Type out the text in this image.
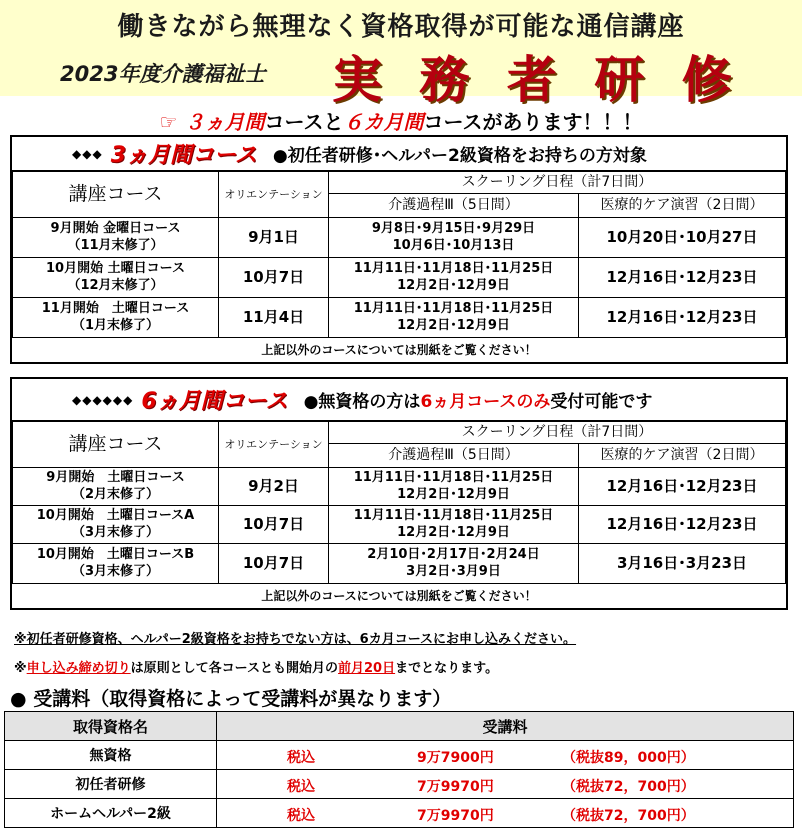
働きながら無理なく資格取得が可能な通信講座
2023年度介護福祉士 実 務 者 研 修
☞ ３ヵ月間コースと６カ月間コースがあります！！！
◆◆◆ 3ヵ月間コース ●初任者研修･ヘルパー2級資格をお持ちの方対象
講座コース	オリエンテーション	スクーリング日程（計7日間）	
		介護過程Ⅲ（5日間）	医療的ケア演習（2日間）
9月開始 金曜日コース
（11月末修了）	9月1日	9月8日･9月15日･9月29日
10月6日･10月13日	10月20日･10月27日
10月開始 土曜日コース
（12月末修了）	10月7日	11月11日･11月18日･11月25日
12月2日･12月9日	12月16日･12月23日
11月開始　土曜日コース
（1月末修了）	11月4日	11月11日･11月18日･11月25日
12月2日･12月9日	12月16日･12月23日
上記以外のコースについては別紙をご覧ください！
◆◆◆◆◆◆ 6ヵ月間コース ●無資格の方は6ヵ月コースのみ受付可能です
講座コース	オリエンテーション	スクーリング日程（計7日間）	
		介護過程Ⅲ（5日間）	医療的ケア演習（2日間）
9月開始　土曜日コース
（2月末修了）	9月2日	11月11日･11月18日･11月25日
12月2日･12月9日	12月16日･12月23日
10月開始　土曜日コースA
（3月末修了）	10月7日	11月11日･11月18日･11月25日
12月2日･12月9日	12月16日･12月23日
10月開始　土曜日コースB
（3月末修了）	10月7日	2月10日･2月17日･2月24日
3月2日･3月9日	3月16日･3月23日
上記以外のコースについては別紙をご覧ください！
※初任者研修資格、ヘルパー2級資格をお持ちでない方は、6カ月コースにお申し込みください。
※申し込み締め切りは原則として各コースとも開始月の前月20日までとなります。
● 受講料（取得資格によって受講料が異なります）
取得資格名	受講料
無資格	税込 9万7900円 （税抜89，000円）

初任者研修	税込 7万9970円 （税抜72，700円）

ホームヘルパー2級	税込 7万9970円 （税抜72，700円）
